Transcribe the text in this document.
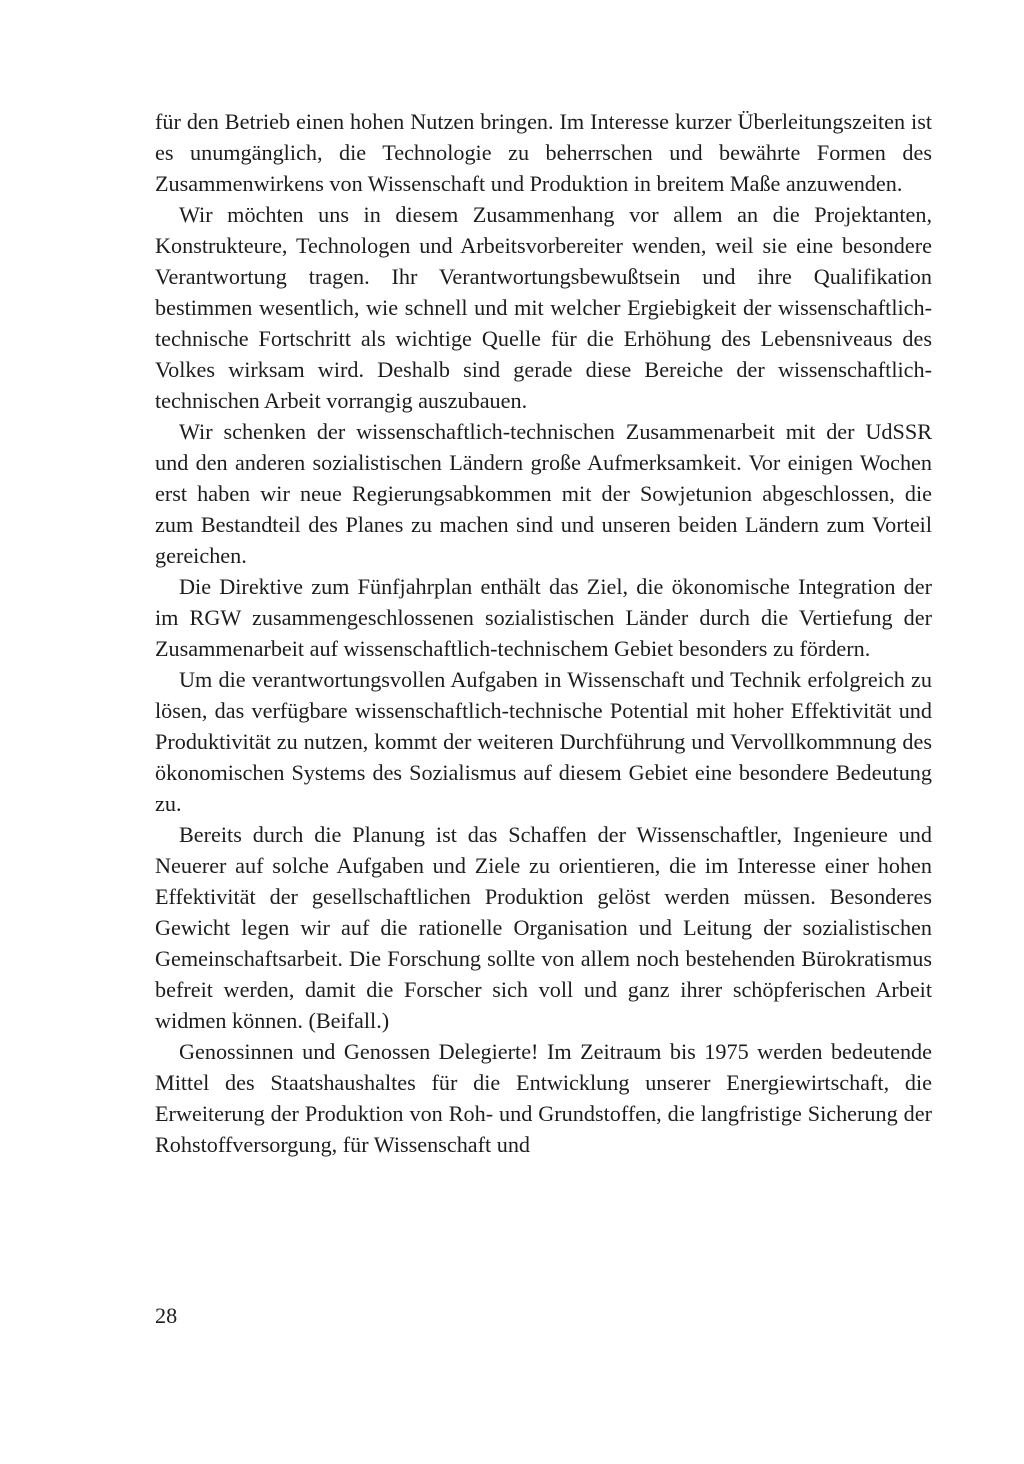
für den Betrieb einen hohen Nutzen bringen. Im Interesse kurzer Überleitungszeiten ist es unumgänglich, die Technologie zu beherrschen und bewährte Formen des Zusammenwirkens von Wissenschaft und Produktion in breitem Maße anzuwenden.

Wir möchten uns in diesem Zusammenhang vor allem an die Projektanten, Konstrukteure, Technologen und Arbeitsvorbereiter wenden, weil sie eine besondere Verantwortung tragen. Ihr Verantwortungsbewußtsein und ihre Qualifikation bestimmen wesentlich, wie schnell und mit welcher Ergiebigkeit der wissenschaftlich-technische Fortschritt als wichtige Quelle für die Erhöhung des Lebensniveaus des Volkes wirksam wird. Deshalb sind gerade diese Bereiche der wissenschaftlich-technischen Arbeit vorrangig auszubauen.

Wir schenken der wissenschaftlich-technischen Zusammenarbeit mit der UdSSR und den anderen sozialistischen Ländern große Aufmerksamkeit. Vor einigen Wochen erst haben wir neue Regierungsabkommen mit der Sowjetunion abgeschlossen, die zum Bestandteil des Planes zu machen sind und unseren beiden Ländern zum Vorteil gereichen.

Die Direktive zum Fünfjahrplan enthält das Ziel, die ökonomische Integration der im RGW zusammengeschlossenen sozialistischen Länder durch die Vertiefung der Zusammenarbeit auf wissenschaftlich-technischem Gebiet besonders zu fördern.

Um die verantwortungsvollen Aufgaben in Wissenschaft und Technik erfolgreich zu lösen, das verfügbare wissenschaftlich-technische Potential mit hoher Effektivität und Produktivität zu nutzen, kommt der weiteren Durchführung und Vervollkommnung des ökonomischen Systems des Sozialismus auf diesem Gebiet eine besondere Bedeutung zu.

Bereits durch die Planung ist das Schaffen der Wissenschaftler, Ingenieure und Neuerer auf solche Aufgaben und Ziele zu orientieren, die im Interesse einer hohen Effektivität der gesellschaftlichen Produktion gelöst werden müssen. Besonderes Gewicht legen wir auf die rationelle Organisation und Leitung der sozialistischen Gemeinschaftsarbeit. Die Forschung sollte von allem noch bestehenden Bürokratismus befreit werden, damit die Forscher sich voll und ganz ihrer schöpferischen Arbeit widmen können. (Beifall.)

Genossinnen und Genossen Delegierte! Im Zeitraum bis 1975 werden bedeutende Mittel des Staatshaushaltes für die Entwicklung unserer Energiewirtschaft, die Erweiterung der Produktion von Roh- und Grundstoffen, die langfristige Sicherung der Rohstoffversorgung, für Wissenschaft und

28
